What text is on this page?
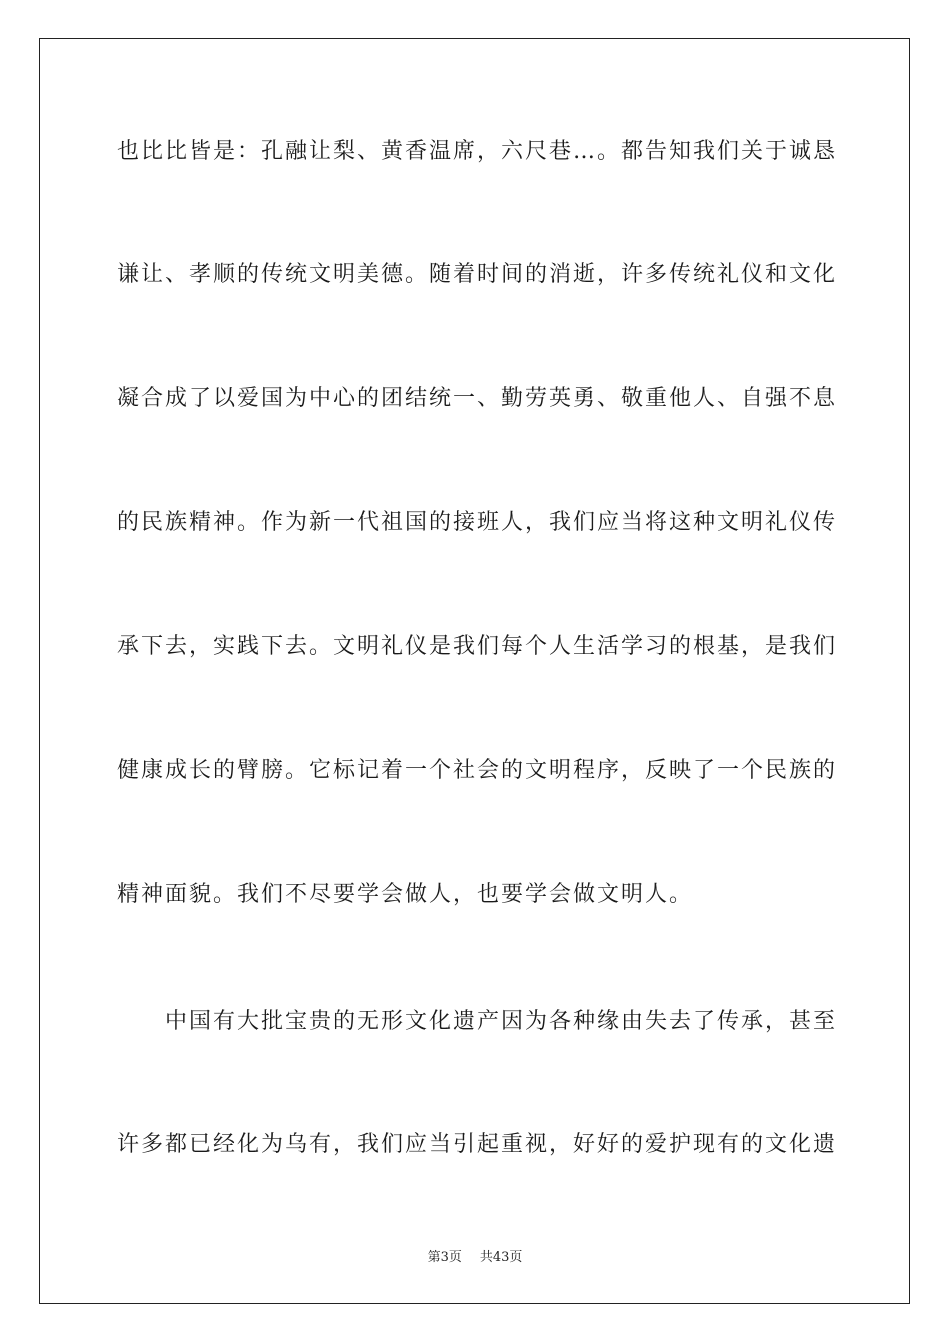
也比比皆是：孔融让梨、黄香温席，六尺巷…。都告知我们关于诚恳
谦让、孝顺的传统文明美德。随着时间的消逝，许多传统礼仪和文化
凝合成了以爱国为中心的团结统一、勤劳英勇、敬重他人、自强不息
的民族精神。作为新一代祖国的接班人，我们应当将这种文明礼仪传
承下去，实践下去。文明礼仪是我们每个人生活学习的根基，是我们
健康成长的臂膀。它标记着一个社会的文明程序，反映了一个民族的
精神面貌。我们不尽要学会做人，也要学会做文明人。
中国有大批宝贵的无形文化遗产因为各种缘由失去了传承，甚至
许多都已经化为乌有，我们应当引起重视，好好的爱护现有的文化遗
第3页 共43页
